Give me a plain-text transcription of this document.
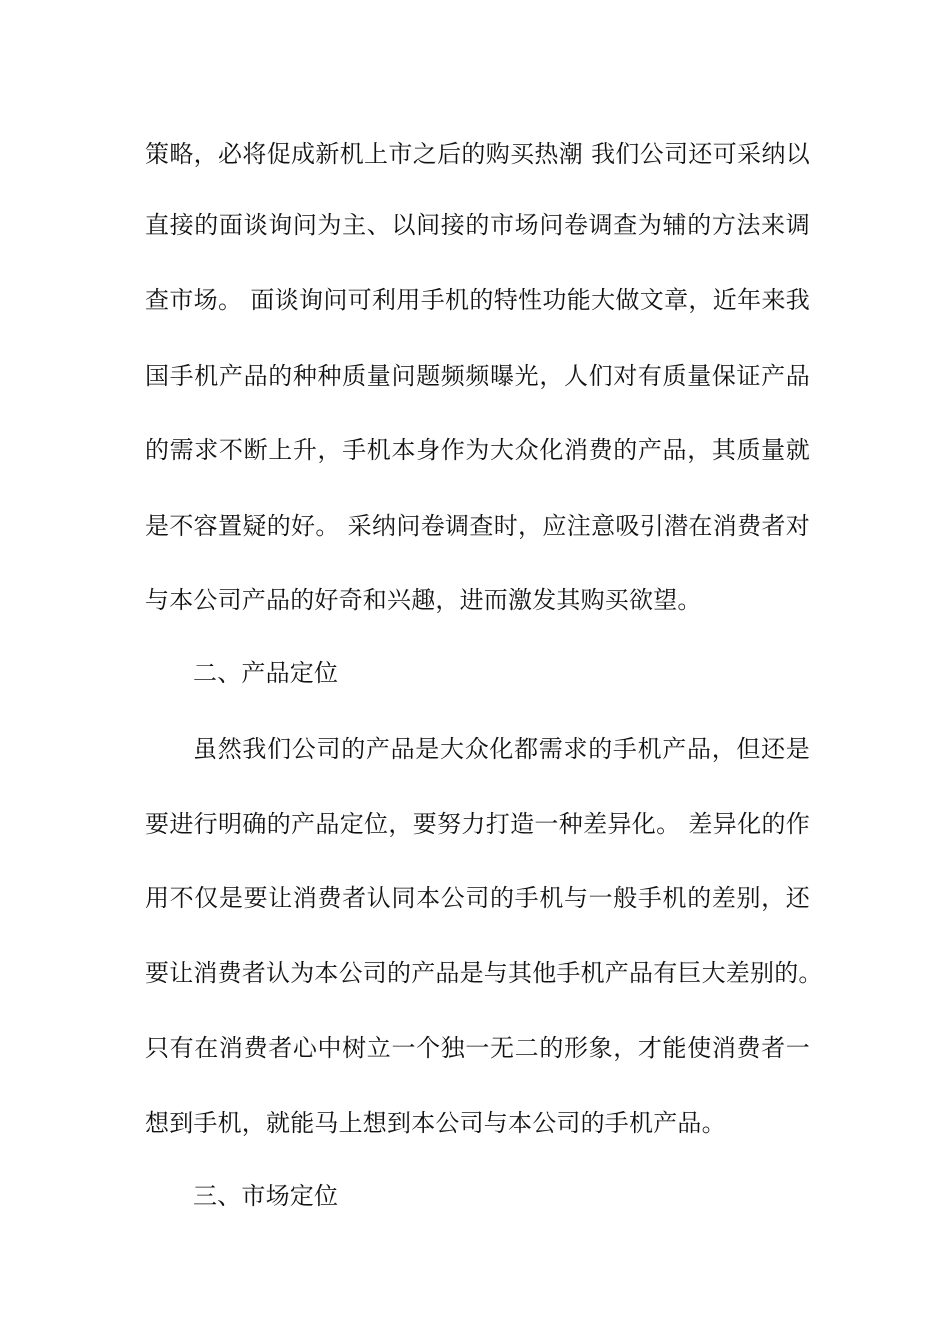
策略，必将促成新机上市之后的购买热潮 我们公司还可采纳以
直接的面谈询问为主、以间接的市场问卷调查为辅的方法来调
查市场。 面谈询问可利用手机的特性功能大做文章，近年来我
国手机产品的种种质量问题频频曝光，人们对有质量保证产品
的需求不断上升，手机本身作为大众化消费的产品，其质量就
是不容置疑的好。 采纳问卷调查时，应注意吸引潜在消费者对
与本公司产品的好奇和兴趣，进而激发其购买欲望。
二、产品定位
虽然我们公司的产品是大众化都需求的手机产品，但还是
要进行明确的产品定位，要努力打造一种差异化。 差异化的作
用不仅是要让消费者认同本公司的手机与一般手机的差别，还
要让消费者认为本公司的产品是与其他手机产品有巨大差别的。
只有在消费者心中树立一个独一无二的形象，才能使消费者一
想到手机，就能马上想到本公司与本公司的手机产品。
三、市场定位
